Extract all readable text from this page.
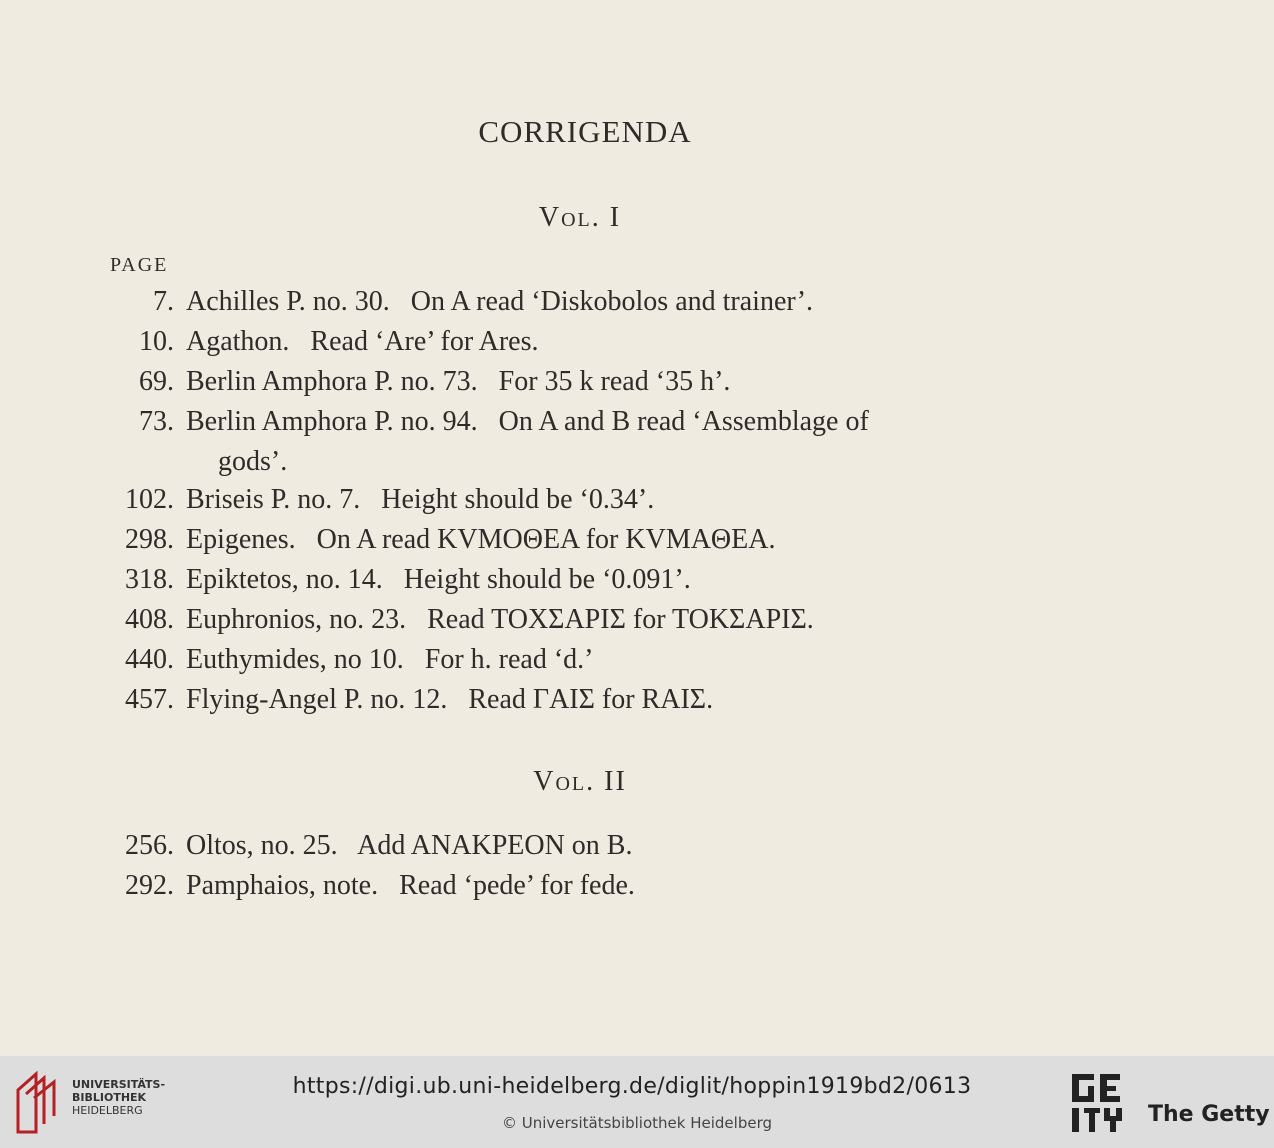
CORRIGENDA
Vol. I
PAGE
7. Achilles P. no. 30.   On A read ‘Diskobolos and trainer’.
10. Agathon.   Read ‘Are’ for Ares.
69. Berlin Amphora P. no. 73.   For 35 k read ‘35 h’.
73. Berlin Amphora P. no. 94.   On A and B read ‘Assemblage of
gods’.
102. Briseis P. no. 7.   Height should be ‘0.34’.
298. Epigenes.   On A read KVMOΘEA for KVMAΘEA.
318. Epiktetos, no. 14.   Height should be ‘0.091’.
408. Euphronios, no. 23.   Read TOXΣAPIΣ for TOKΣAPIΣ.
440. Euthymides, no 10.   For h. read ‘d.’
457. Flying-Angel P. no. 12.   Read ΓAIΣ for RAIΣ.
Vol. II
256. Oltos, no. 25.   Add ANAKPEON on B.
292. Pamphaios, note.   Read ‘pede’ for fede.
UNIVERSITÄTS-
BIBLIOTHEK
HEIDELBERG
https://digi.ub.uni-heidelberg.de/diglit/hoppin1919bd2/0613
© Universitätsbibliothek Heidelberg	The Getty
